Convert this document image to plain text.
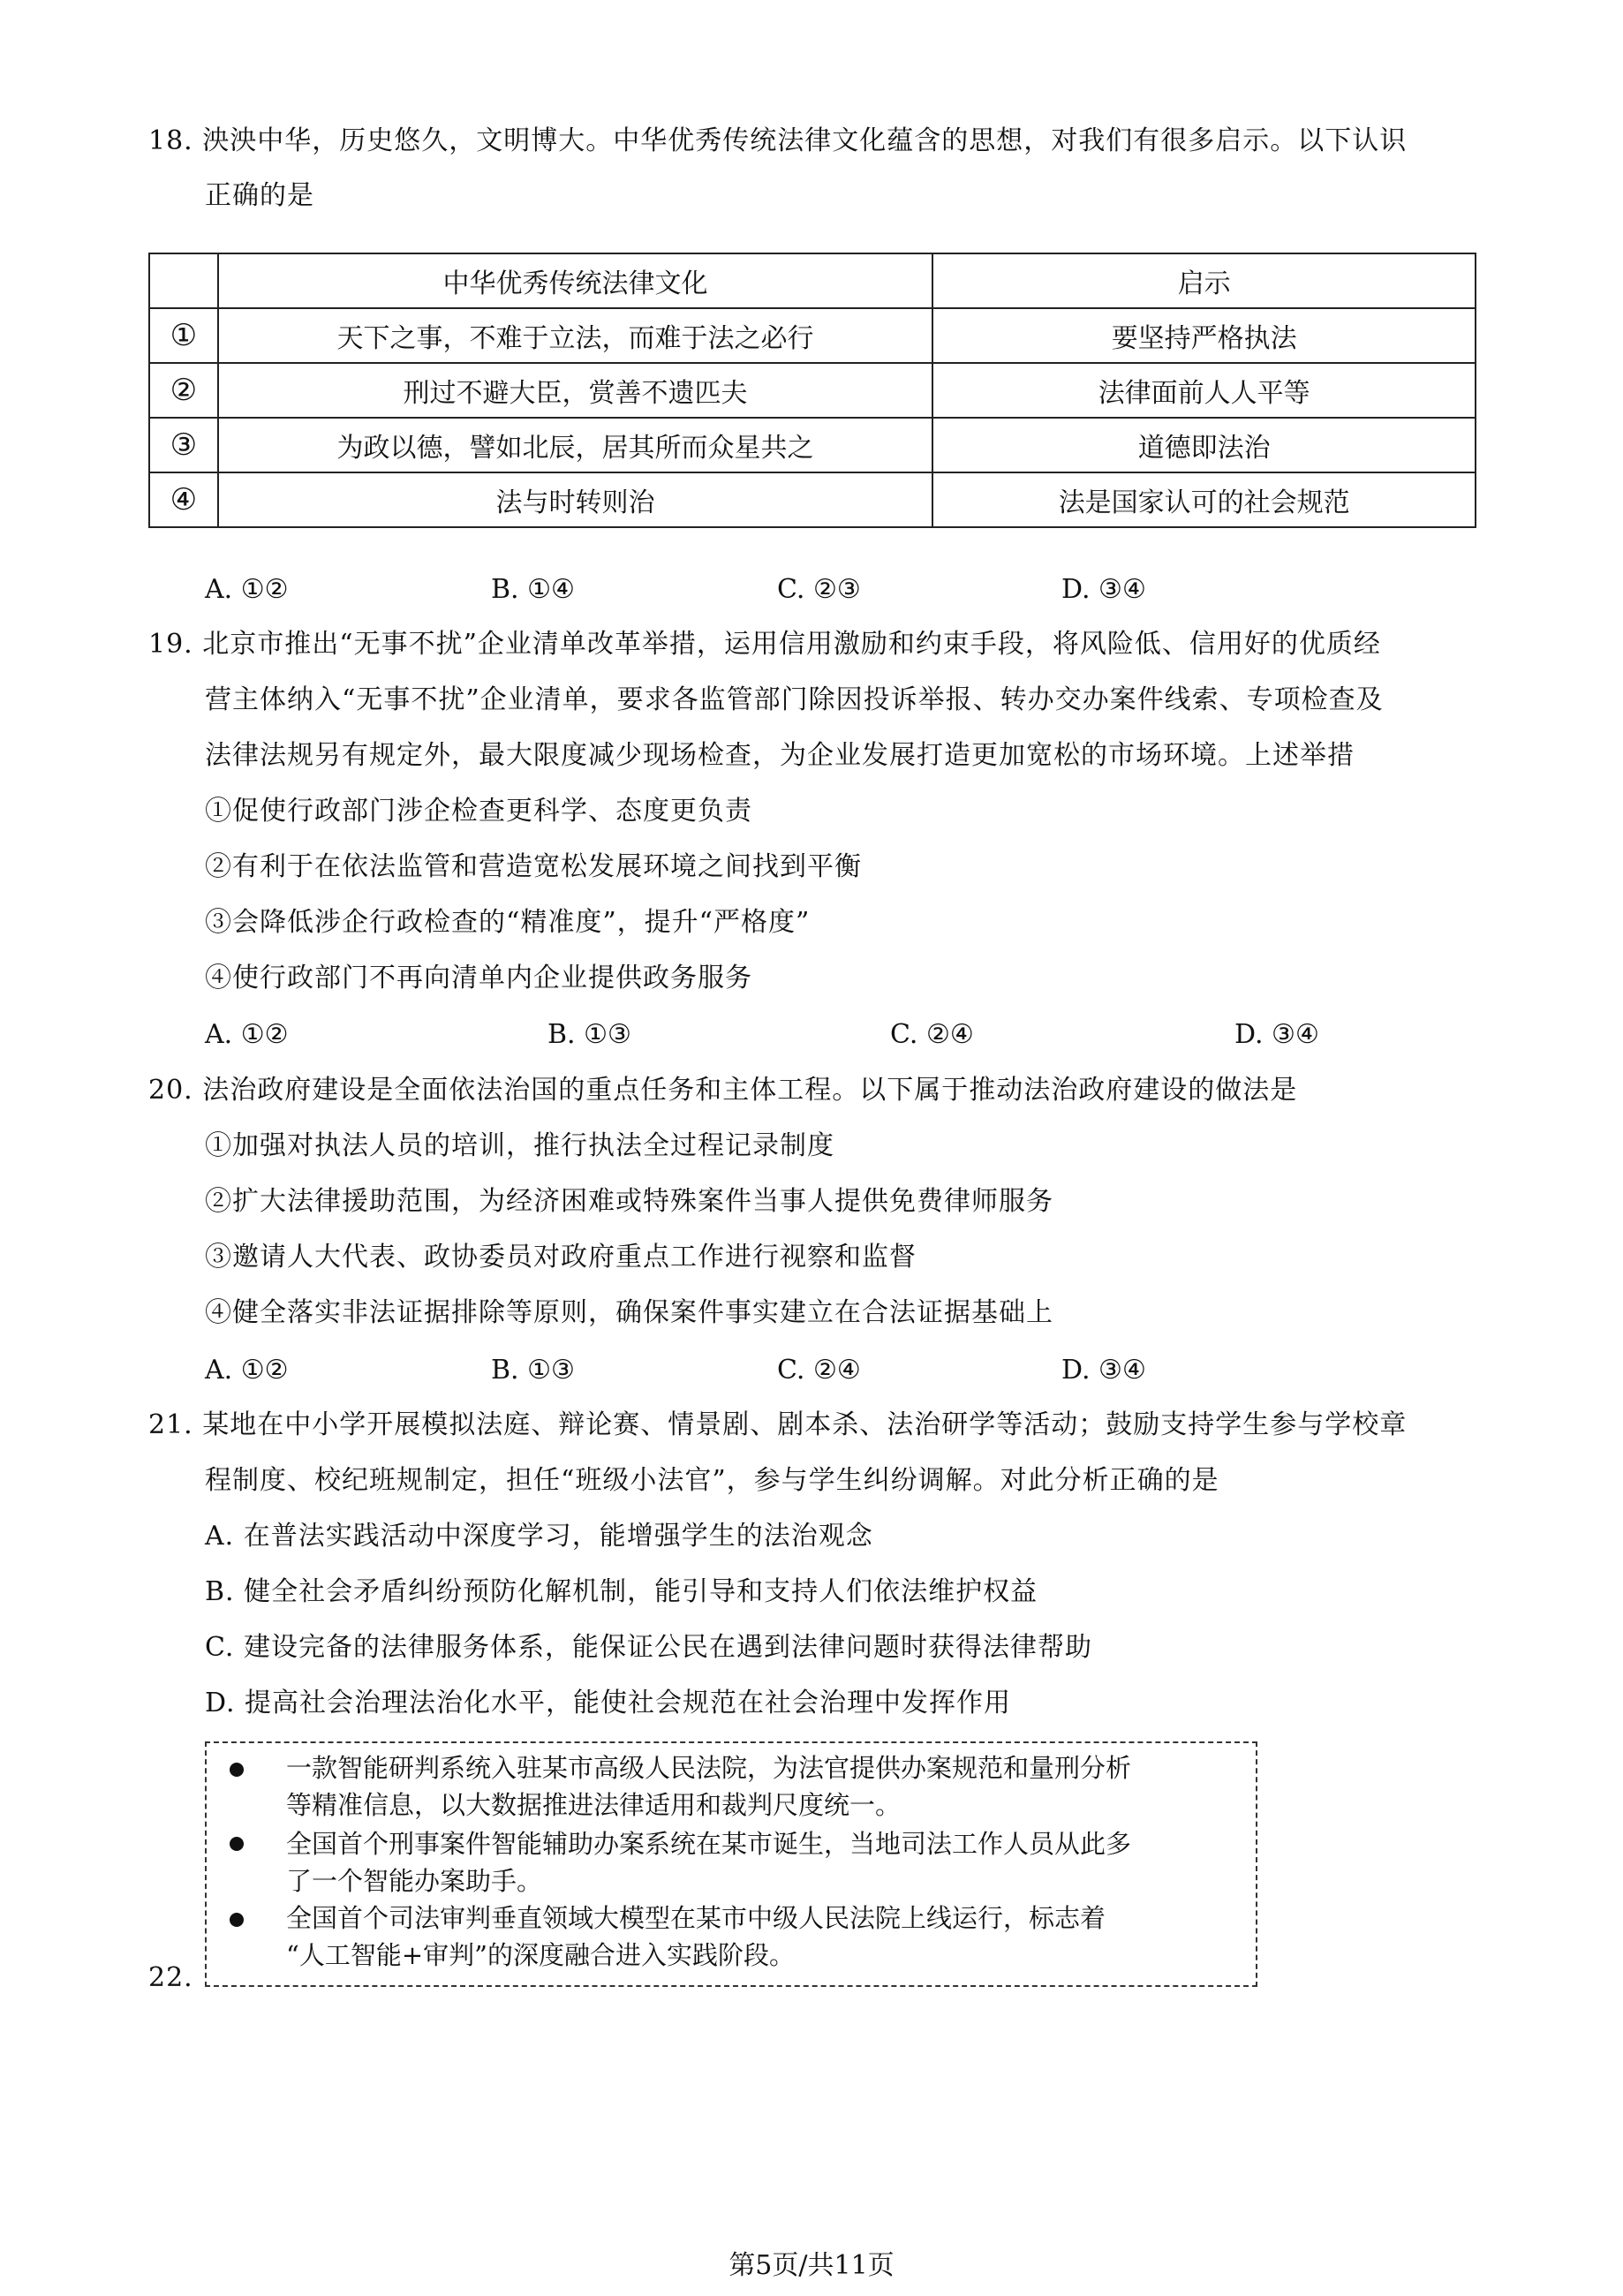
18. 泱泱中华，历史悠久，文明博大。中华优秀传统法律文化蕴含的思想，对我们有很多启示。以下认识
正确的是
	中华优秀传统法律文化	启示
①	天下之事，不难于立法，而难于法之必行	要坚持严格执法
②	刑过不避大臣，赏善不遗匹夫	法律面前人人平等
③	为政以德，譬如北辰，居其所而众星共之	道德即法治
④	法与时转则治	法是国家认可的社会规范
A. ①②	B. ①④	C. ②③	D. ③④
19. 北京市推出“无事不扰”企业清单改革举措，运用信用激励和约束手段，将风险低、信用好的优质经
营主体纳入“无事不扰”企业清单，要求各监管部门除因投诉举报、转办交办案件线索、专项检查及
法律法规另有规定外，最大限度减少现场检查，为企业发展打造更加宽松的市场环境。上述举措
①促使行政部门涉企检查更科学、态度更负责
②有利于在依法监管和营造宽松发展环境之间找到平衡
③会降低涉企行政检查的“精准度”，提升“严格度”
④使行政部门不再向清单内企业提供政务服务
A. ①②	B. ①③	C. ②④	D. ③④
20. 法治政府建设是全面依法治国的重点任务和主体工程。以下属于推动法治政府建设的做法是
①加强对执法人员的培训，推行执法全过程记录制度
②扩大法律援助范围，为经济困难或特殊案件当事人提供免费律师服务
③邀请人大代表、政协委员对政府重点工作进行视察和监督
④健全落实非法证据排除等原则，确保案件事实建立在合法证据基础上
A. ①②	B. ①③	C. ②④	D. ③④
21. 某地在中小学开展模拟法庭、辩论赛、情景剧、剧本杀、法治研学等活动；鼓励支持学生参与学校章
程制度、校纪班规制定，担任“班级小法官”，参与学生纠纷调解。对此分析正确的是
A. 在普法实践活动中深度学习，能增强学生的法治观念
B. 健全社会矛盾纠纷预防化解机制，能引导和支持人们依法维护权益
C. 建设完备的法律服务体系，能保证公民在遇到法律问题时获得法律帮助
D. 提高社会治理法治化水平，能使社会规范在社会治理中发挥作用
一款智能研判系统入驻某市高级人民法院，为法官提供办案规范和量刑分析
等精准信息，以大数据推进法律适用和裁判尺度统一。
全国首个刑事案件智能辅助办案系统在某市诞生，当地司法工作人员从此多
了一个智能办案助手。
全国首个司法审判垂直领域大模型在某市中级人民法院上线运行，标志着
“人工智能+审判”的深度融合进入实践阶段。
22.
第5页/共11页
